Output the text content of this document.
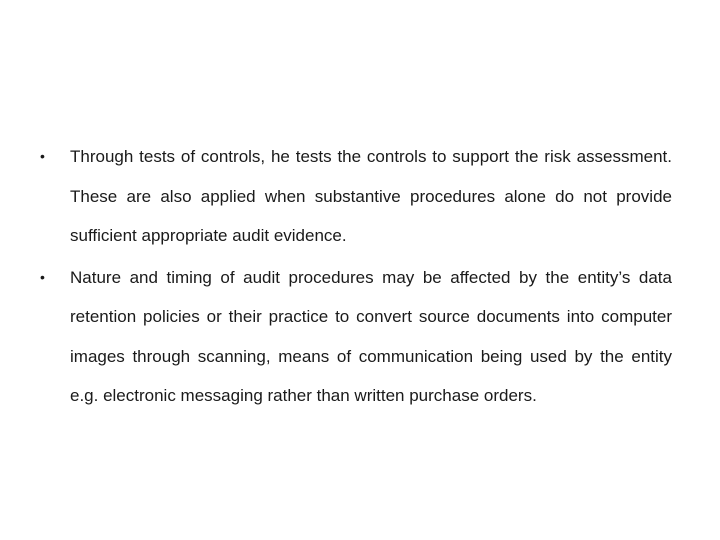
• Through tests of controls, he tests the controls to support the risk assessment. These are also applied when substantive procedures alone do not provide sufficient appropriate audit evidence.
• Nature and timing of audit procedures may be affected by the entity’s data retention policies or their practice to convert source documents into computer images through scanning, means of communication being used by the entity e.g. electronic messaging rather than written purchase orders.
